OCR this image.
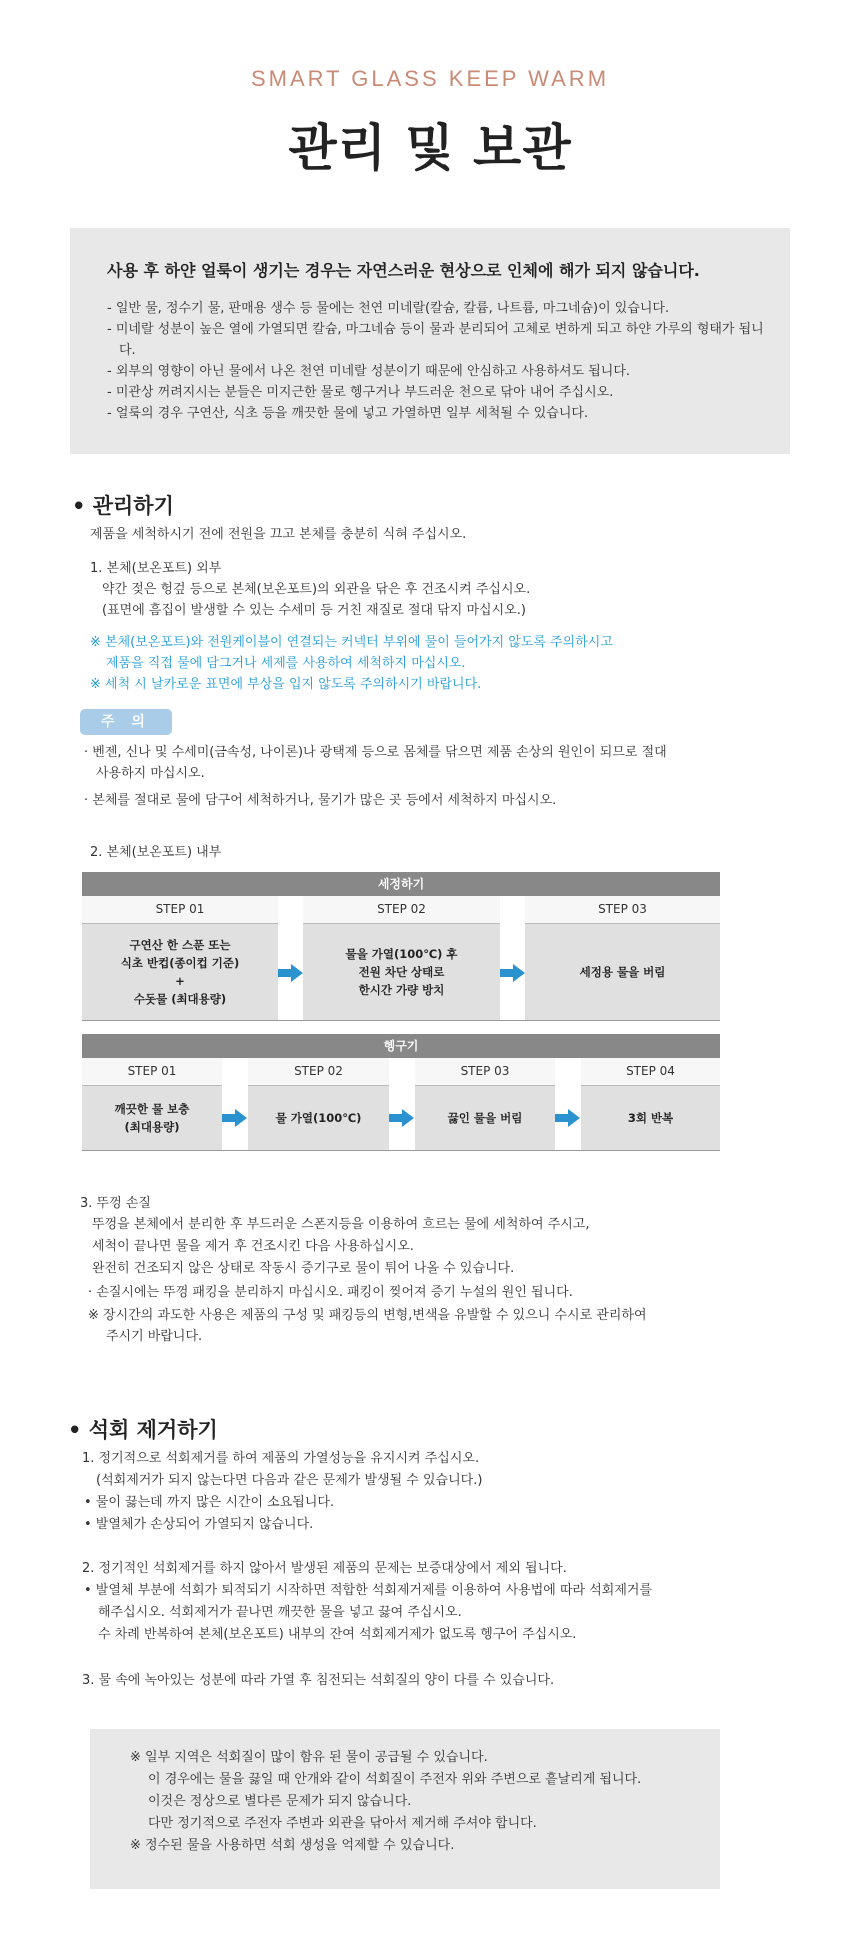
SMART GLASS KEEP WARM
관리 및 보관
사용 후 하얀 얼룩이 생기는 경우는 자연스러운 현상으로 인체에 해가 되지 않습니다.
- 일반 물, 정수기 물, 판매용 생수 등 물에는 천연 미네랄(칼슘, 칼륨, 나트륨, 마그네슘)이 있습니다.
- 미네랄 성분이 높은 열에 가열되면 칼슘, 마그네슘 등이 물과 분리되어 고체로 변하게 되고 하얀 가루의 형태가 됩니다.
- 외부의 영향이 아닌 물에서 나온 천연 미네랄 성분이기 때문에 안심하고 사용하셔도 됩니다.
- 미관상 꺼려지시는 분들은 미지근한 물로 헹구거나 부드러운 천으로 닦아 내어 주십시오.
- 얼룩의 경우 구연산, 식초 등을 깨끗한 물에 넣고 가열하면 일부 세척될 수 있습니다.
• 관리하기
제품을 세척하시기 전에 전원을 끄고 본체를 충분히 식혀 주십시오.
1. 본체(보온포트) 외부
약간 젖은 헝겊 등으로 본체(보온포트)의 외관을 닦은 후 건조시켜 주십시오.
(표면에 흠집이 발생할 수 있는 수세미 등 거친 재질로 절대 닦지 마십시오.)
※ 본체(보온포트)와 전원케이블이 연결되는 커넥터 부위에 물이 들어가지 않도록 주의하시고
제품을 직접 물에 담그거나 세제를 사용하여 세척하지 마십시오.
※ 세척 시 날카로운 표면에 부상을 입지 않도록 주의하시기 바랍니다.
주 의
· 벤젠, 신나 및 수세미(금속성, 나이론)나 광택제 등으로 몸체를 닦으면 제품 손상의 원인이 되므로 절대
사용하지 마십시오.
· 본체를 절대로 물에 담구어 세척하거나, 물기가 많은 곳 등에서 세척하지 마십시오.
2. 본체(보온포트) 내부
세정하기
STEP 01
구연산 한 스푼 또는
식초 반컵(종이컵 기준)
+
수돗물 (최대용량)
STEP 02
물을 가열(100℃) 후
전원 차단 상태로
한시간 가량 방치
STEP 03
세정용 물을 버림
헹구기
STEP 01
깨끗한 물 보충
(최대용량)
STEP 02
물 가열(100℃)
STEP 03
끓인 물을 버림
STEP 04
3회 반복
3. 뚜껑 손질
뚜껑을 본체에서 분리한 후 부드러운 스폰지등을 이용하여 흐르는 물에 세척하여 주시고,
세척이 끝나면 물을 제거 후 건조시킨 다음 사용하십시오.
완전히 건조되지 않은 상태로 작동시 증기구로 물이 튀어 나올 수 있습니다.
· 손질시에는 뚜껑 패킹을 분리하지 마십시오. 패킹이 찢어져 증기 누설의 원인 됩니다.
※ 장시간의 과도한 사용은 제품의 구성 및 패킹등의 변형,변색을 유발할 수 있으니 수시로 관리하여
주시기 바랍니다.
• 석회 제거하기
1. 정기적으로 석회제거를 하여 제품의 가열성능을 유지시켜 주십시오.
(석회제거가 되지 않는다면 다음과 같은 문제가 발생될 수 있습니다.)
• 물이 끓는데 까지 많은 시간이 소요됩니다.
• 발열체가 손상되어 가열되지 않습니다.
2. 정기적인 석회제거를 하지 않아서 발생된 제품의 문제는 보증대상에서 제외 됩니다.
• 발열체 부분에 석회가 퇴적되기 시작하면 적합한 석회제거제를 이용하여 사용법에 따라 석회제거를
해주십시오. 석회제거가 끝나면 깨끗한 물을 넣고 끓여 주십시오.
수 차례 반복하여 본체(보온포트) 내부의 잔여 석회제거제가 없도록 헹구어 주십시오.
3. 물 속에 녹아있는 성분에 따라 가열 후 침전되는 석회질의 양이 다를 수 있습니다.
※ 일부 지역은 석회질이 많이 함유 된 물이 공급될 수 있습니다.
이 경우에는 물을 끓일 때 안개와 같이 석회질이 주전자 위와 주변으로 흩날리게 됩니다.
이것은 정상으로 별다른 문제가 되지 않습니다.
다만 정기적으로 주전자 주변과 외관을 닦아서 제거해 주셔야 합니다.
※ 정수된 물을 사용하면 석회 생성을 억제할 수 있습니다.
